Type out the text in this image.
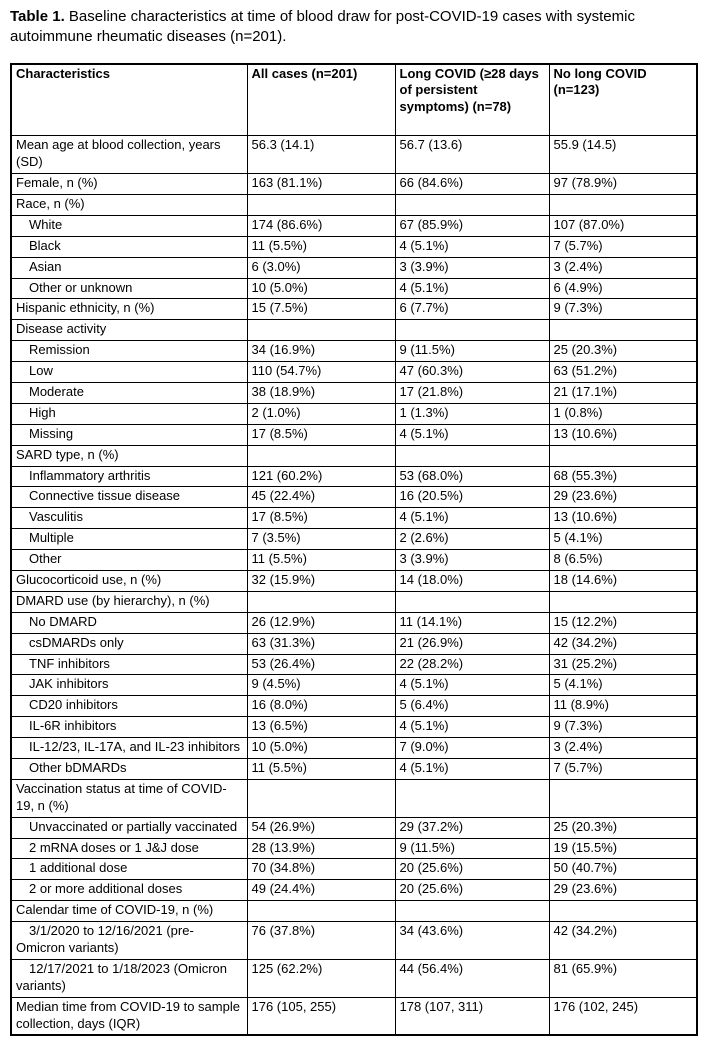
Table 1. Baseline characteristics at time of blood draw for post-COVID-19 cases with systemic autoimmune rheumatic diseases (n=201).

Characteristics	All cases (n=201)	Long COVID (≥28 days of persistent symptoms) (n=78)	No long COVID (n=123)
Mean age at blood collection, years (SD)	56.3 (14.1)	56.7 (13.6)	55.9 (14.5)
Female, n (%)	163 (81.1%)	66 (84.6%)	97 (78.9%)
Race, n (%)			
White	174 (86.6%)	67 (85.9%)	107 (87.0%)
Black	11 (5.5%)	4 (5.1%)	7 (5.7%)
Asian	6 (3.0%)	3 (3.9%)	3 (2.4%)
Other or unknown	10 (5.0%)	4 (5.1%)	6 (4.9%)
Hispanic ethnicity, n (%)	15 (7.5%)	6 (7.7%)	9 (7.3%)
Disease activity			
Remission	34 (16.9%)	9 (11.5%)	25 (20.3%)
Low	110 (54.7%)	47 (60.3%)	63 (51.2%)
Moderate	38 (18.9%)	17 (21.8%)	21 (17.1%)
High	2 (1.0%)	1 (1.3%)	1 (0.8%)
Missing	17 (8.5%)	4 (5.1%)	13 (10.6%)
SARD type, n (%)			
Inflammatory arthritis	121 (60.2%)	53 (68.0%)	68 (55.3%)
Connective tissue disease	45 (22.4%)	16 (20.5%)	29 (23.6%)
Vasculitis	17 (8.5%)	4 (5.1%)	13 (10.6%)
Multiple	7 (3.5%)	2 (2.6%)	5 (4.1%)
Other	11 (5.5%)	3 (3.9%)	8 (6.5%)
Glucocorticoid use, n (%)	32 (15.9%)	14 (18.0%)	18 (14.6%)
DMARD use (by hierarchy), n (%)			
No DMARD	26 (12.9%)	11 (14.1%)	15 (12.2%)
csDMARDs only	63 (31.3%)	21 (26.9%)	42 (34.2%)
TNF inhibitors	53 (26.4%)	22 (28.2%)	31 (25.2%)
JAK inhibitors	9 (4.5%)	4 (5.1%)	5 (4.1%)
CD20 inhibitors	16 (8.0%)	5 (6.4%)	11 (8.9%)
IL-6R inhibitors	13 (6.5%)	4 (5.1%)	9 (7.3%)
IL-12/23, IL-17A, and IL-23 inhibitors	10 (5.0%)	7 (9.0%)	3 (2.4%)
Other bDMARDs	11 (5.5%)	4 (5.1%)	7 (5.7%)
Vaccination status at time of COVID-19, n (%)			
Unvaccinated or partially vaccinated	54 (26.9%)	29 (37.2%)	25 (20.3%)
2 mRNA doses or 1 J&J dose	28 (13.9%)	9 (11.5%)	19 (15.5%)
1 additional dose	70 (34.8%)	20 (25.6%)	50 (40.7%)
2 or more additional doses	49 (24.4%)	20 (25.6%)	29 (23.6%)
Calendar time of COVID-19, n (%)			
3/1/2020 to 12/16/2021 (pre-Omicron variants)	76 (37.8%)	34 (43.6%)	42 (34.2%)
12/17/2021 to 1/18/2023 (Omicron variants)	125 (62.2%)	44 (56.4%)	81 (65.9%)
Median time from COVID-19 to sample collection, days (IQR)	176 (105, 255)	178 (107, 311)	176 (102, 245)
